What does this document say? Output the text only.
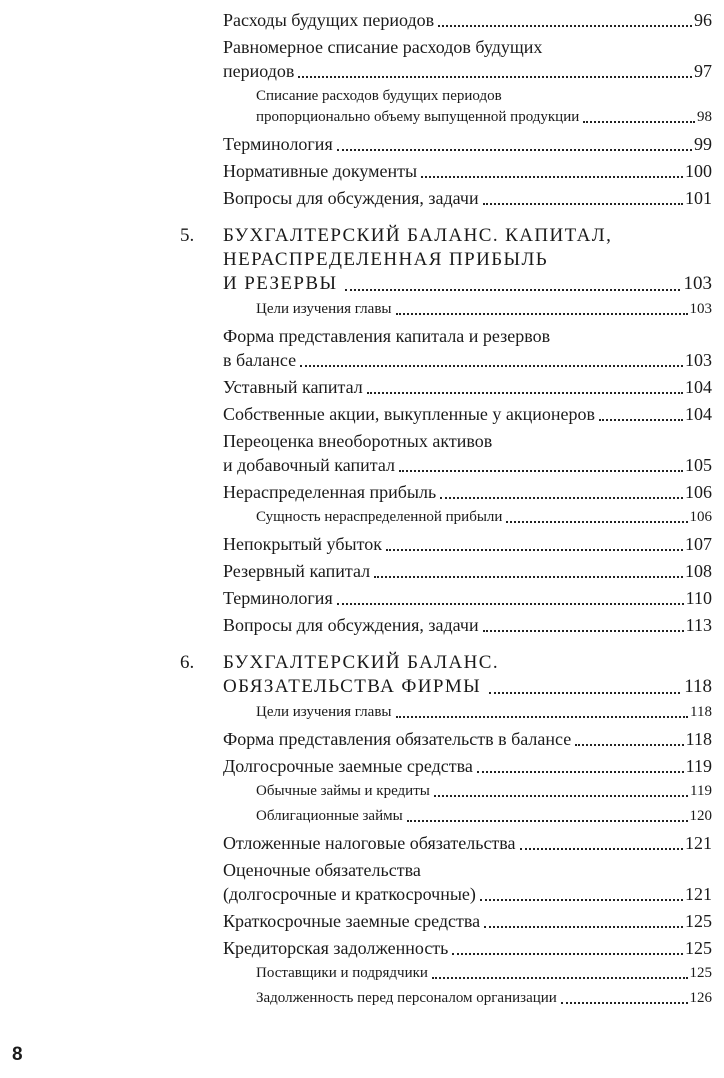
Расходы будущих периодов	96
Равномерное списание расходов будущих
периодов	97
Списание расходов будущих периодов
пропорционально объему выпущенной продукции	98
Терминология	99
Нормативные документы	100
Вопросы для обсуждения, задачи	101
5. БУХГАЛТЕРСКИЙ БАЛАНС. КАПИТАЛ,
НЕРАСПРЕДЕЛЕННАЯ ПРИБЫЛЬ
И РЕЗЕРВЫ	103
Цели изучения главы	103
Форма представления капитала и резервов
в балансе	103
Уставный капитал	104
Собственные акции, выкупленные у акционеров	104
Переоценка внеоборотных активов
и добавочный капитал	105
Нераспределенная прибыль	106
Сущность нераспределенной прибыли	106
Непокрытый убыток	107
Резервный капитал	108
Терминология	110
Вопросы для обсуждения, задачи	113
6. БУХГАЛТЕРСКИЙ БАЛАНС.
ОБЯЗАТЕЛЬСТВА ФИРМЫ	118
Цели изучения главы	118
Форма представления обязательств в балансе	118
Долгосрочные заемные средства	119
Обычные займы и кредиты	119
Облигационные займы	120
Отложенные налоговые обязательства	121
Оценочные обязательства
(долгосрочные и краткосрочные)	121
Краткосрочные заемные средства	125
Кредиторская задолженность	125
Поставщики и подрядчики	125
Задолженность перед персоналом организации	126
8
